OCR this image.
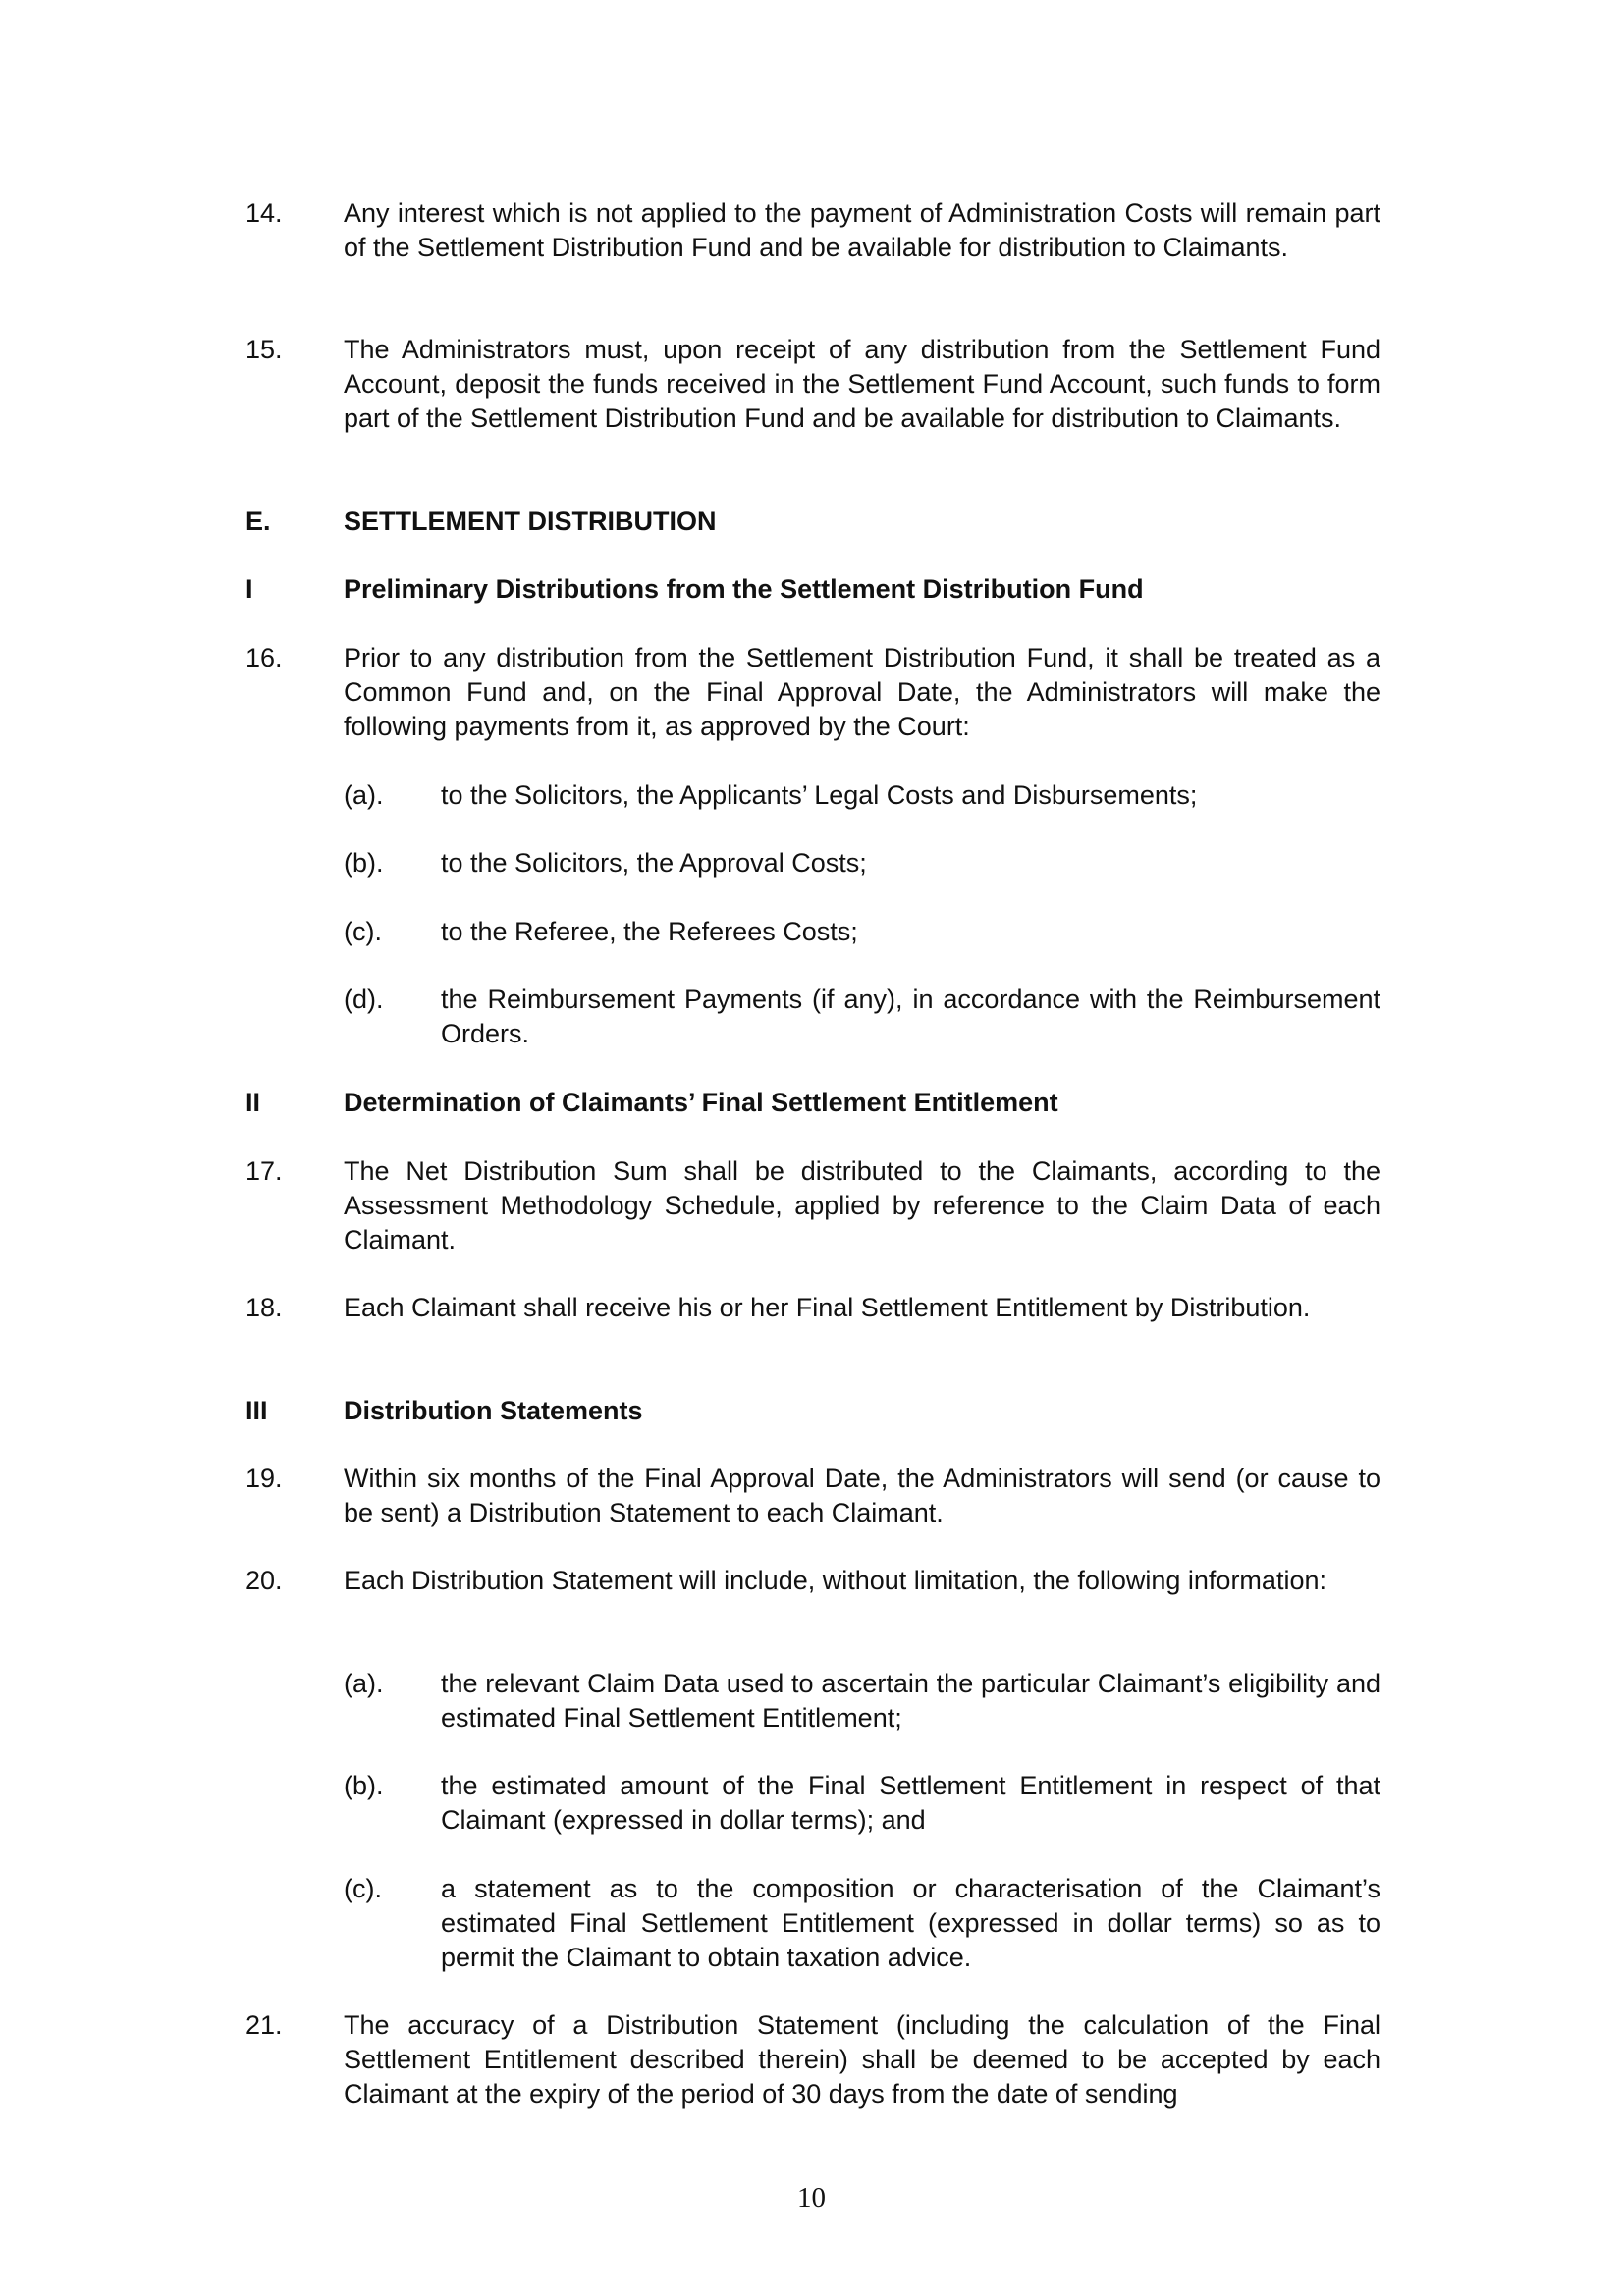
14. Any interest which is not applied to the payment of Administration Costs will remain part of the Settlement Distribution Fund and be available for distribution to Claimants.
15. The Administrators must, upon receipt of any distribution from the Settlement Fund Account, deposit the funds received in the Settlement Fund Account, such funds to form part of the Settlement Distribution Fund and be available for distribution to Claimants.
E.	SETTLEMENT DISTRIBUTION
I	Preliminary Distributions from the Settlement Distribution Fund
16. Prior to any distribution from the Settlement Distribution Fund, it shall be treated as a Common Fund and, on the Final Approval Date, the Administrators will make the following payments from it, as approved by the Court:
(a). to the Solicitors, the Applicants’ Legal Costs and Disbursements;
(b). to the Solicitors, the Approval Costs;
(c). to the Referee, the Referees Costs;
(d). the Reimbursement Payments (if any), in accordance with the Reimbursement Orders.
II	Determination of Claimants’ Final Settlement Entitlement
17. The Net Distribution Sum shall be distributed to the Claimants, according to the Assessment Methodology Schedule, applied by reference to the Claim Data of each Claimant.
18. Each Claimant shall receive his or her Final Settlement Entitlement by Distribution.
III	Distribution Statements
19. Within six months of the Final Approval Date, the Administrators will send (or cause to be sent) a Distribution Statement to each Claimant.
20. Each Distribution Statement will include, without limitation, the following information:
(a). the relevant Claim Data used to ascertain the particular Claimant’s eligibility and estimated Final Settlement Entitlement;
(b). the estimated amount of the Final Settlement Entitlement in respect of that Claimant (expressed in dollar terms); and
(c). a statement as to the composition or characterisation of the Claimant’s estimated Final Settlement Entitlement (expressed in dollar terms) so as to permit the Claimant to obtain taxation advice.
21. The accuracy of a Distribution Statement (including the calculation of the Final Settlement Entitlement described therein) shall be deemed to be accepted by each Claimant at the expiry of the period of 30 days from the date of sending
10
